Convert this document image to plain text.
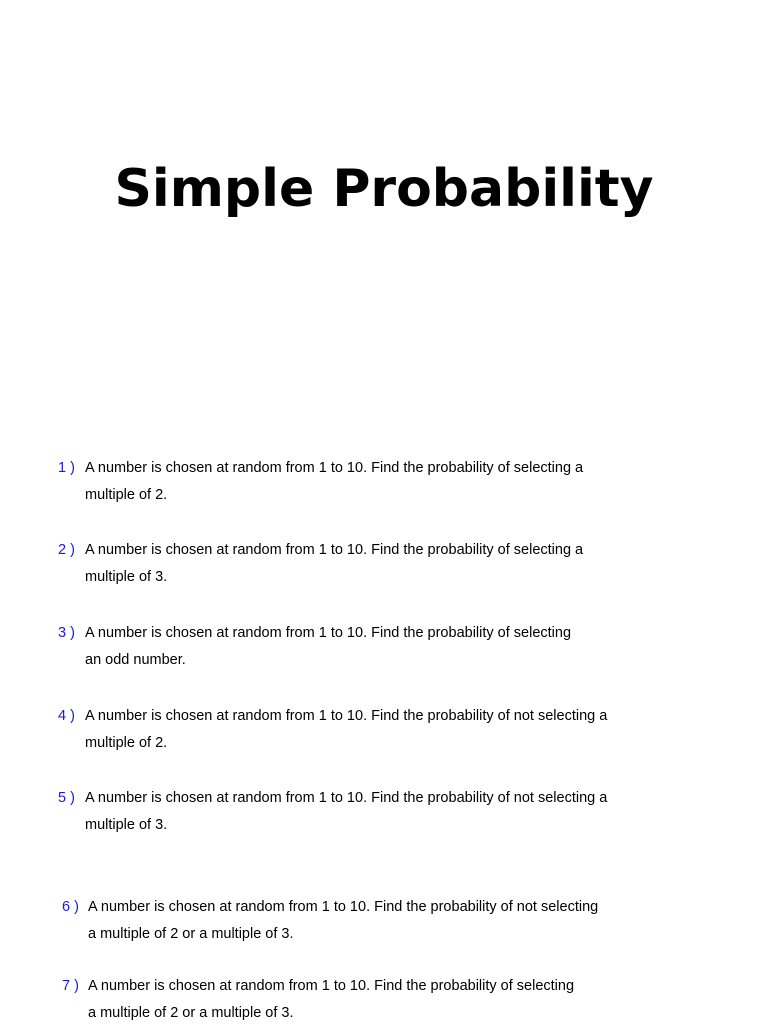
Simple Probability
1 ) A number is chosen at random from 1 to 10. Find the probability of selecting a
multiple of 2.
2 ) A number is chosen at random from 1 to 10. Find the probability of selecting a
multiple of 3.
3 ) A number is chosen at random from 1 to 10. Find the probability of selecting
an odd number.
4 ) A number is chosen at random from 1 to 10. Find the probability of not selecting a
multiple of 2.
5 ) A number is chosen at random from 1 to 10. Find the probability of not selecting a
multiple of 3.
6 ) A number is chosen at random from 1 to 10. Find the probability of not selecting
a multiple of 2 or a multiple of 3.
7 ) A number is chosen at random from 1 to 10. Find the probability of selecting
a multiple of 2 or a multiple of 3.
